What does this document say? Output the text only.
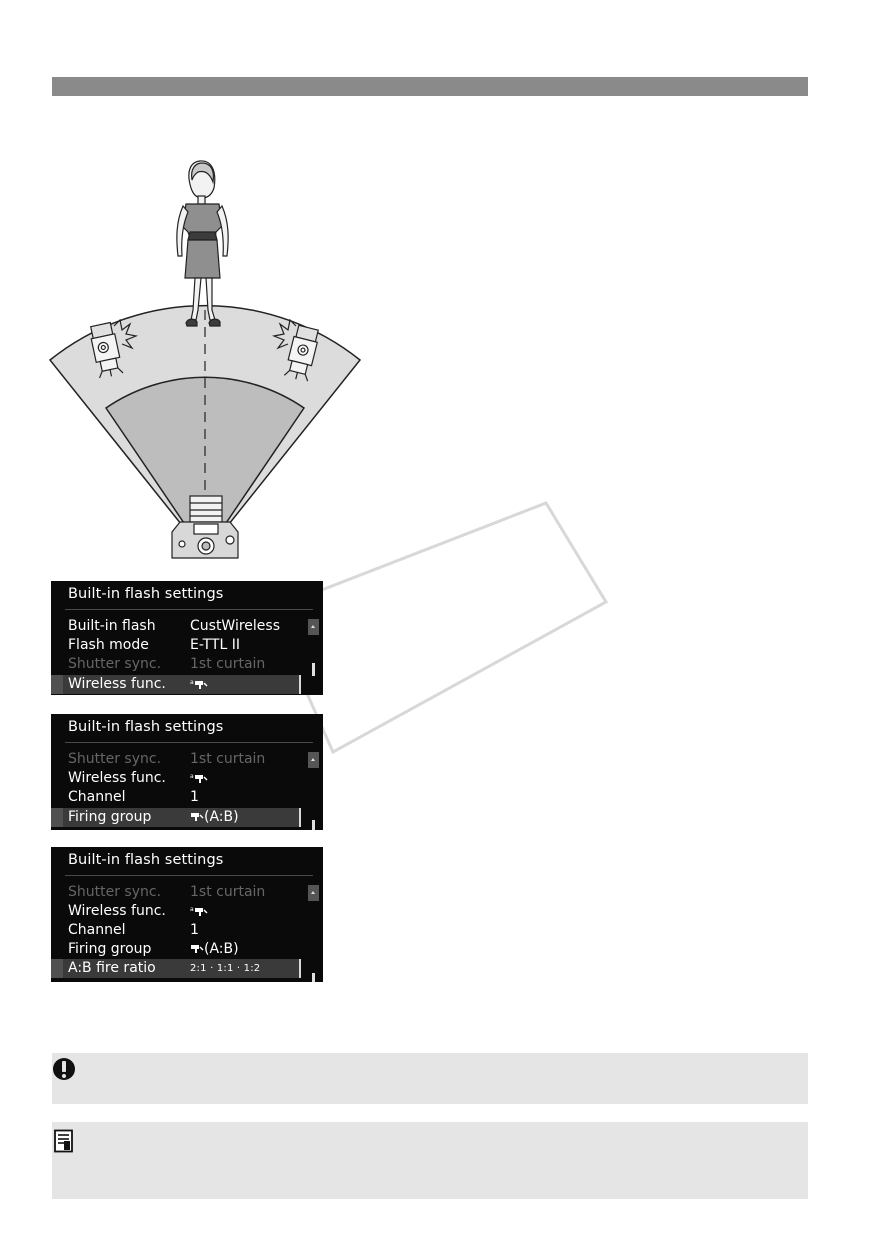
Built-in flash settings
Built-in flash CustWireless
Flash mode	E-TTL II
Shutter sync. 1st curtain
Wireless func.	a
Built-in flash settings
Shutter sync. 1st curtain
Wireless func.	a
Channel	1
Firing group	(A:B)
Built-in flash settings
Shutter sync. 1st curtain
Wireless func.	a
Channel	1
Firing group	(A:B)
A:B fire ratio	2:1 · 1:1 · 1:2
